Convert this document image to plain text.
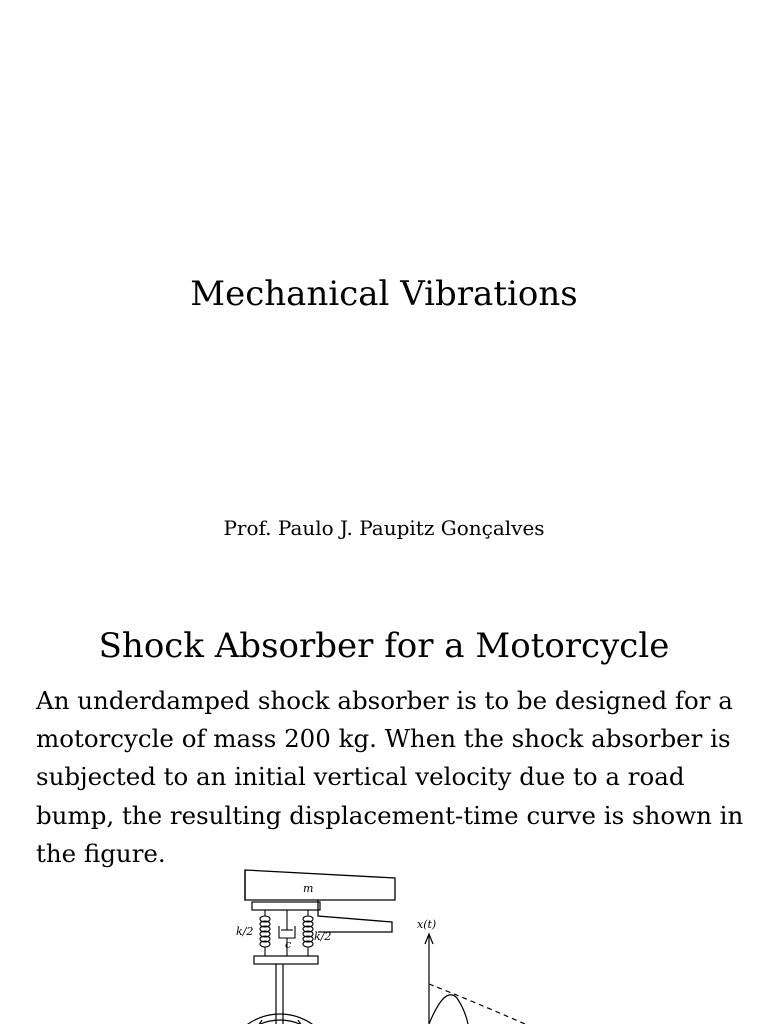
Mechanical Vibrations
Prof. Paulo J. Paupitz Gonçalves
Shock Absorber for a Motorcycle

An underdamped shock absorber is to be designed for a motorcycle of mass 200 kg. When the shock absorber is subjected to an initial vertical velocity due to a road bump, the resulting displacement-time curve is shown in the figure.

m
k/2
c
k/2
x(t)
